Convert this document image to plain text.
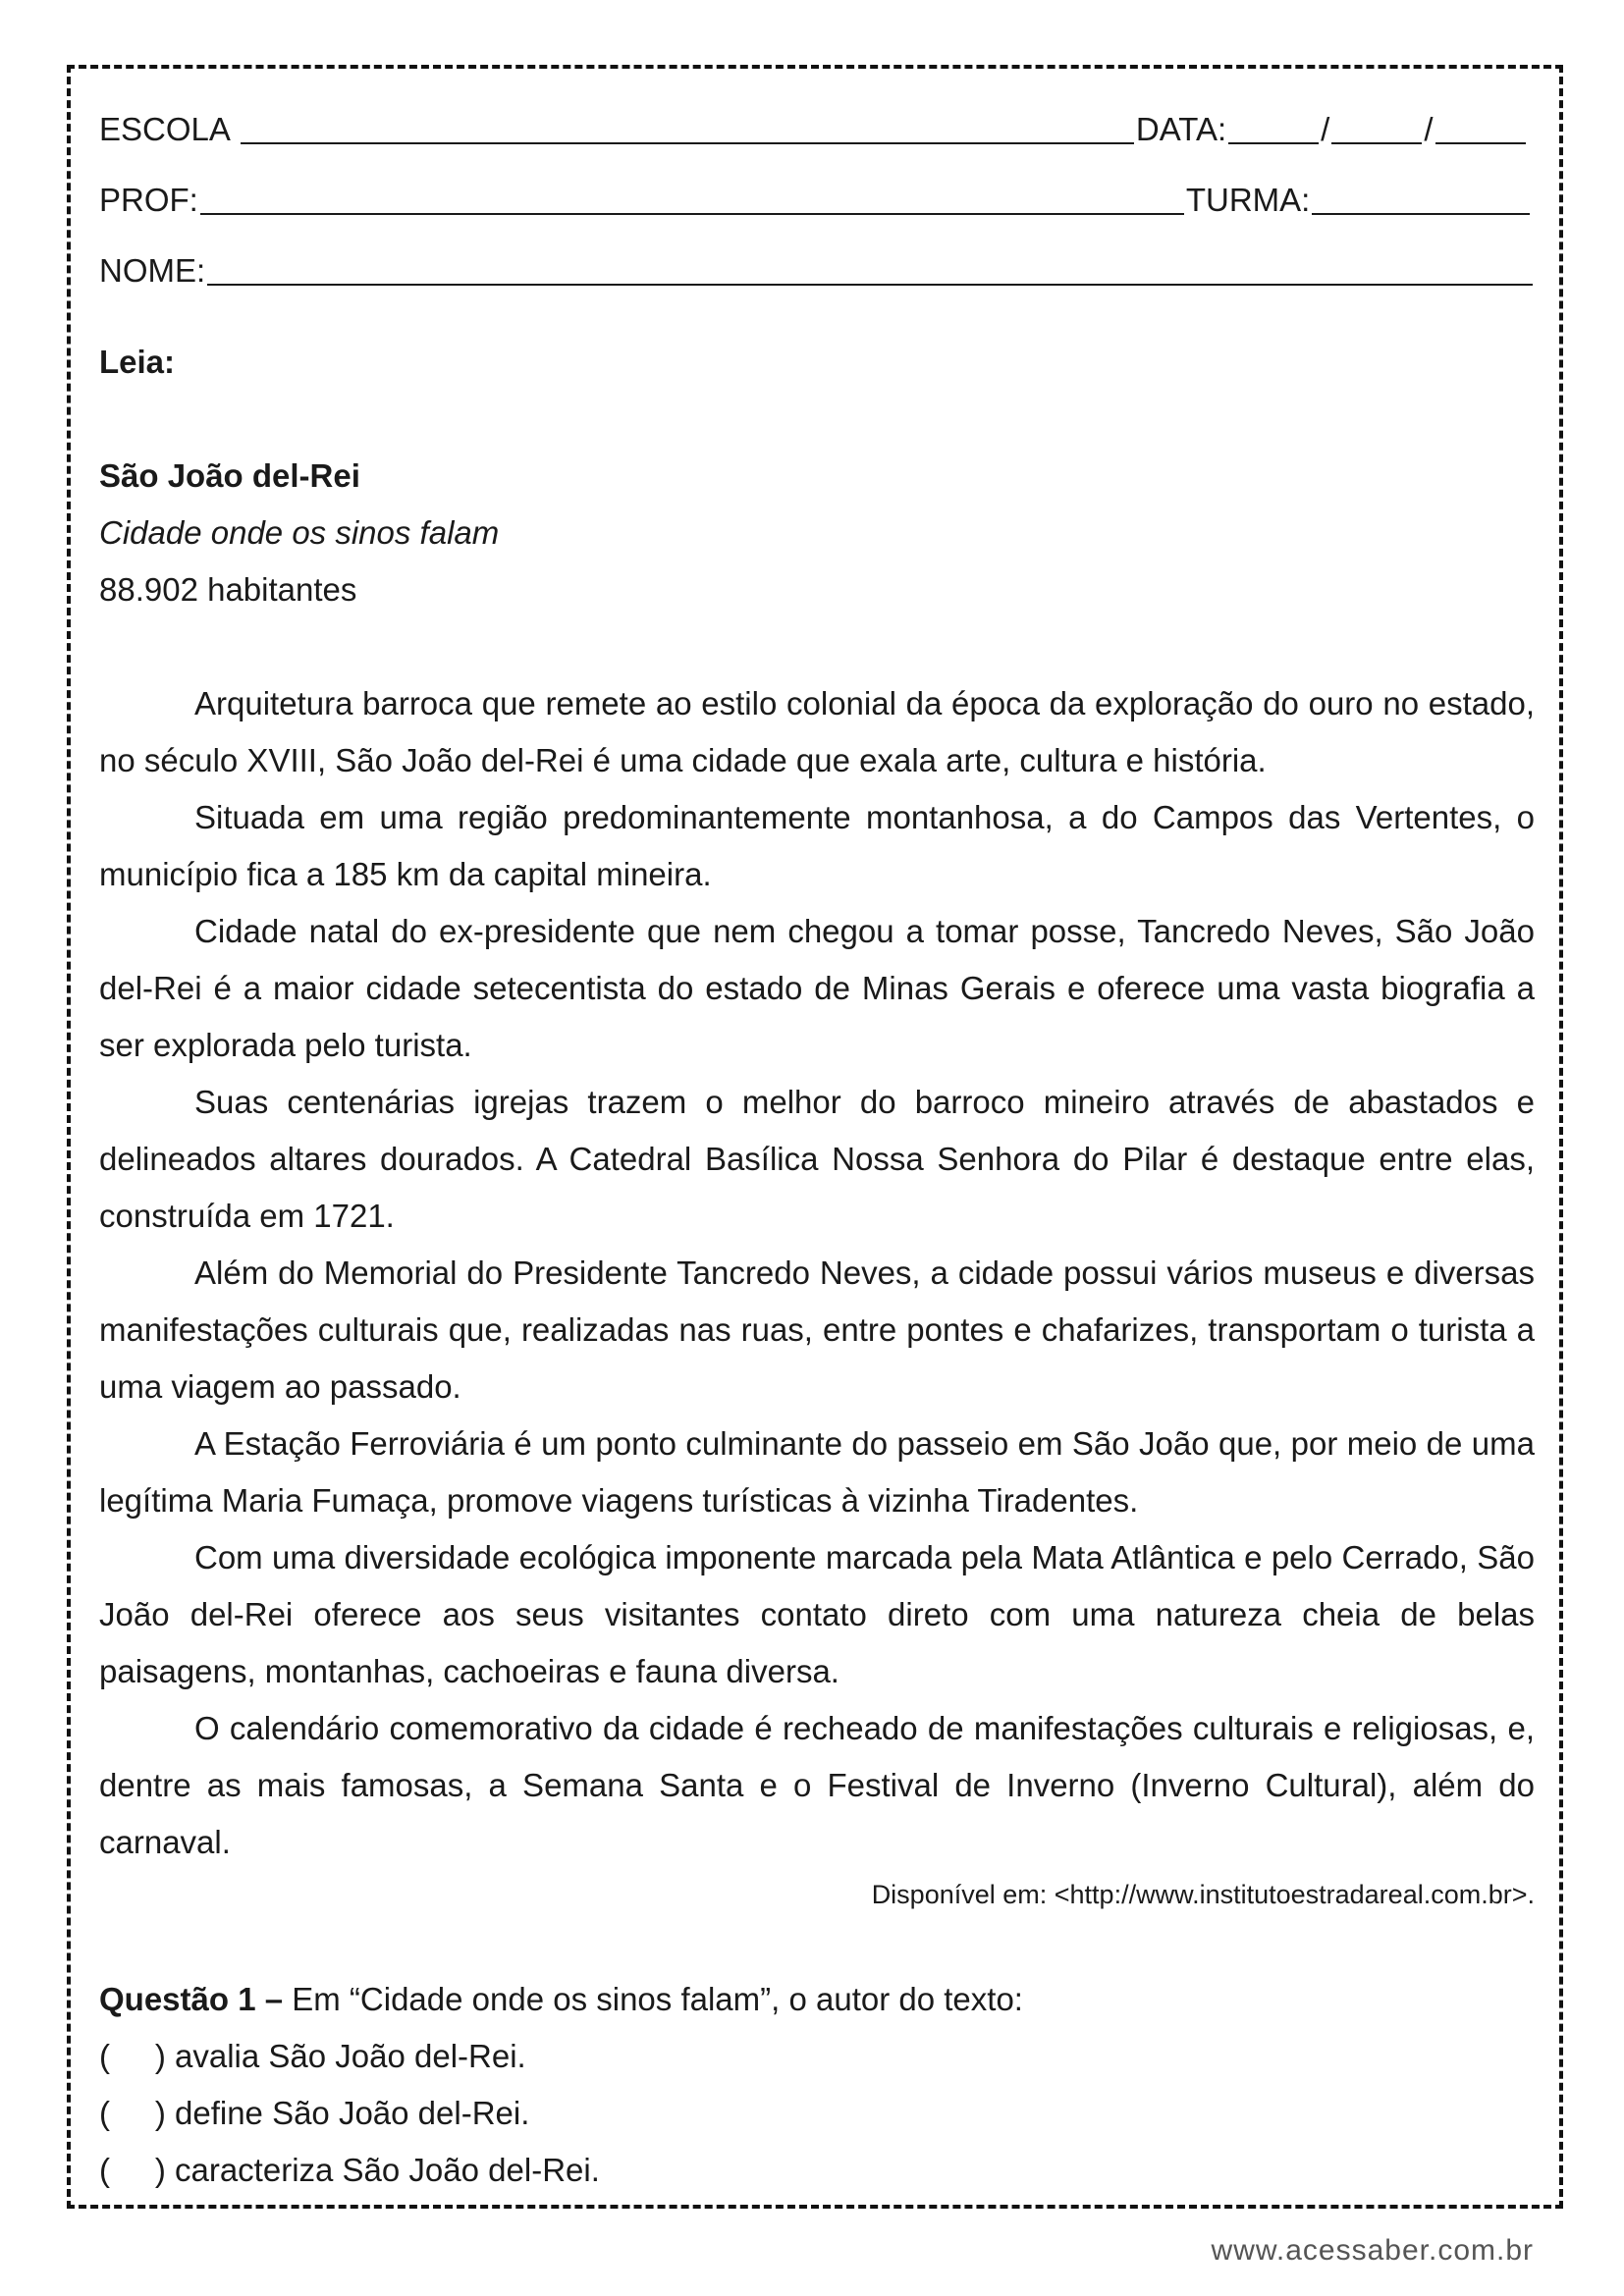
ESCOLA	DATA:	/	/
PROF:	TURMA:
NOME:
Leia:
São João del-Rei
Cidade onde os sinos falam
88.902 habitantes

Arquitetura barroca que remete ao estilo colonial da época da exploração do ouro no estado, no século XVIII, São João del-Rei é uma cidade que exala arte, cultura e história.

Situada em uma região predominantemente montanhosa, a do Campos das Vertentes, o município fica a 185 km da capital mineira.

Cidade natal do ex-presidente que nem chegou a tomar posse, Tancredo Neves, São João del-Rei é a maior cidade setecentista do estado de Minas Gerais e oferece uma vasta biografia a ser explorada pelo turista.

Suas centenárias igrejas trazem o melhor do barroco mineiro através de abastados e delineados altares dourados. A Catedral Basílica Nossa Senhora do Pilar é destaque entre elas, construída em 1721.

Além do Memorial do Presidente Tancredo Neves, a cidade possui vários museus e diversas manifestações culturais que, realizadas nas ruas, entre pontes e chafarizes, transportam o turista a uma viagem ao passado.

A Estação Ferroviária é um ponto culminante do passeio em São João que, por meio de uma legítima Maria Fumaça, promove viagens turísticas à vizinha Tiradentes.

Com uma diversidade ecológica imponente marcada pela Mata Atlântica e pelo Cerrado, São João del-Rei oferece aos seus visitantes contato direto com uma natureza cheia de belas paisagens, montanhas, cachoeiras e fauna diversa.

O calendário comemorativo da cidade é recheado de manifestações culturais e religiosas, e, dentre as mais famosas, a Semana Santa e o Festival de Inverno (Inverno Cultural), além do carnaval.

Disponível em: <http://www.institutoestradareal.com.br>.
Questão 1 – Em “Cidade onde os sinos falam”, o autor do texto:
(     ) avalia São João del-Rei.
(     ) define São João del-Rei.
(     ) caracteriza São João del-Rei.
www.acessaber.com.br
